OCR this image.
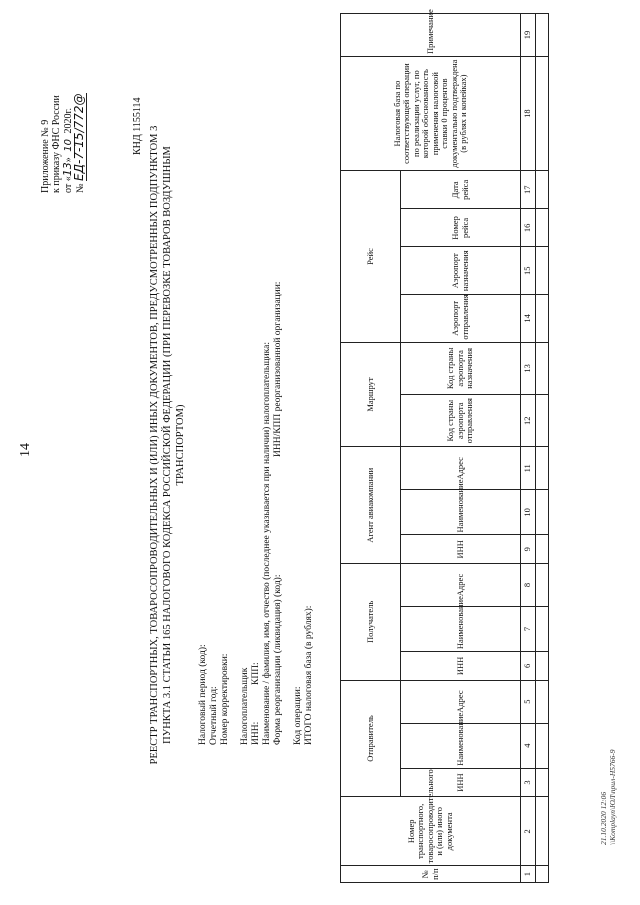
14
Приложение № 9 к приказу ФНС России от «13» 10 2020г.
№ ЕД-7-15/772@	КНД 1155114 РЕЕСТР ТРАНСПОРТНЫХ, ТОВАРОСОПРОВОДИТЕЛЬНЫХ И (ИЛИ) ИНЫХ ДОКУМЕНТОВ, ПРЕДУСМОТРЕННЫХ ПОДПУНКТОМ 3 ПУНКТА 3.1 СТАТЬИ 165 НАЛОГОВОГО КОДЕКСА РОССИЙСКОЙ ФЕДЕРАЦИИ (ПРИ ПЕРЕВОЗКЕ ТОВАРОВ ВОЗДУШНЫМ ТРАНСПОРТОМ)
Налоговый период (код): Отчетный год: Номер корректировки: Налогоплательщик ИНН:
КПП: Наименование / фамилия, имя, отчество (последнее указывается при наличии) налогоплательщика: Форма реорганизации (ликвидация) (код):
ИНН/КПП реорганизованной организации:
Код операции: ИТОГО налоговая база (в рублях):
№ п/п	Номер транспортного, товаросопроводительного и (или) иного документа	Отправитель			Получатель			Агент авиакомпании			Маршрут		Рейс				Налоговая база по соответствующей операции по реализации услуг, по которой обоснованность применения налоговой ставки 0 процентов документально подтверждена (в рублях и копейках)	Примечание
		ИНН	Наименование	Адрес	ИНН	Наименование	Адрес	ИНН	Наименование	Адрес	Код страны аэропорта отправления	Код страны аэропорта назначения	Аэропорт отправления	Аэропорт назначения	Номер рейса	Дата рейса		
1	2	3	4	5	6	7	8	9	10	11	12	13	14	15	16	17	18	19

21.10.2020 12:06 \\Komplayn\ЮЛ\прил-Н5766-9
